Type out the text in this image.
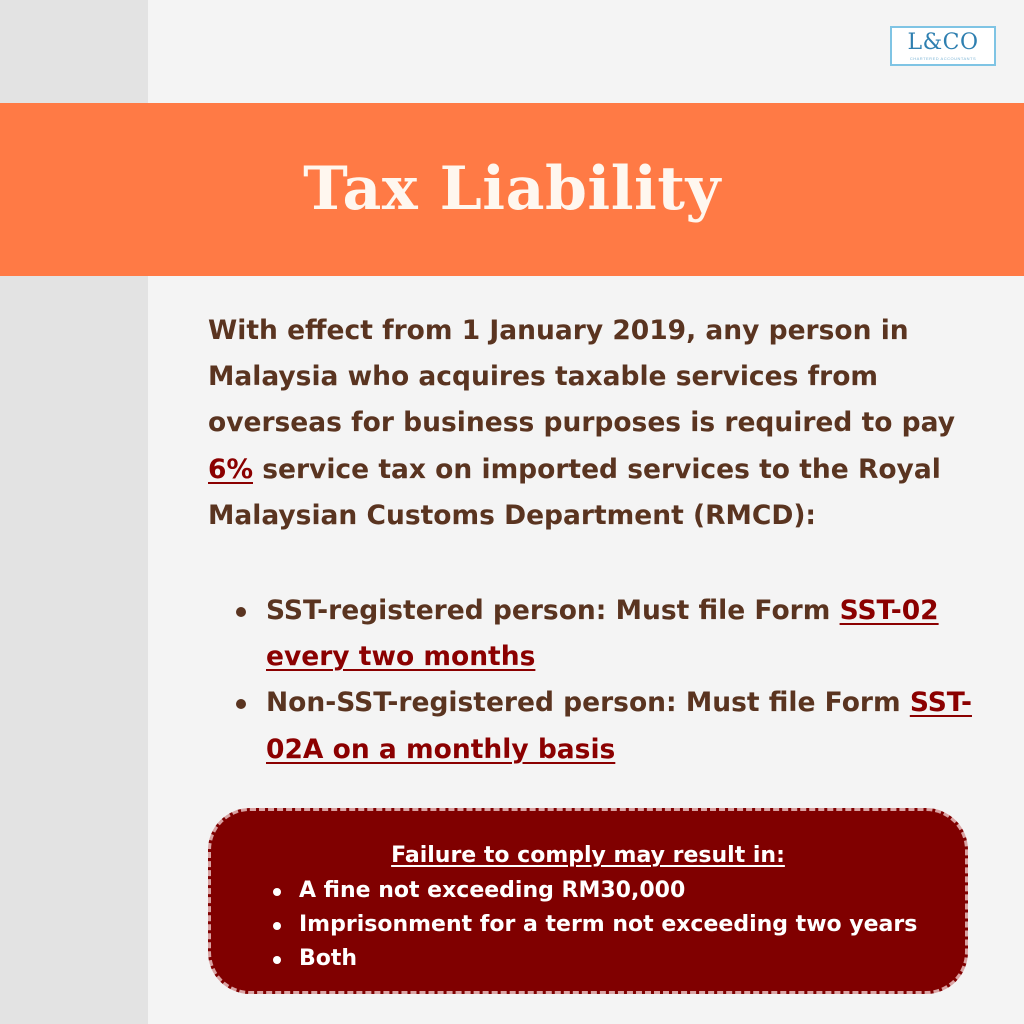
L&CO
CHARTERED ACCOUNTANTS
Tax Liability

With effect from 1 January 2019, any person in Malaysia who acquires taxable services from overseas for business purposes is required to pay 6% service tax on imported services to the Royal Malaysian Customs Department (RMCD):

SST-registered person: Must file Form SST-02 every two months
Non-SST-registered person: Must file Form SST-02A on a monthly basis
Failure to comply may result in:
A fine not exceeding RM30,000
Imprisonment for a term not exceeding two years
Both
